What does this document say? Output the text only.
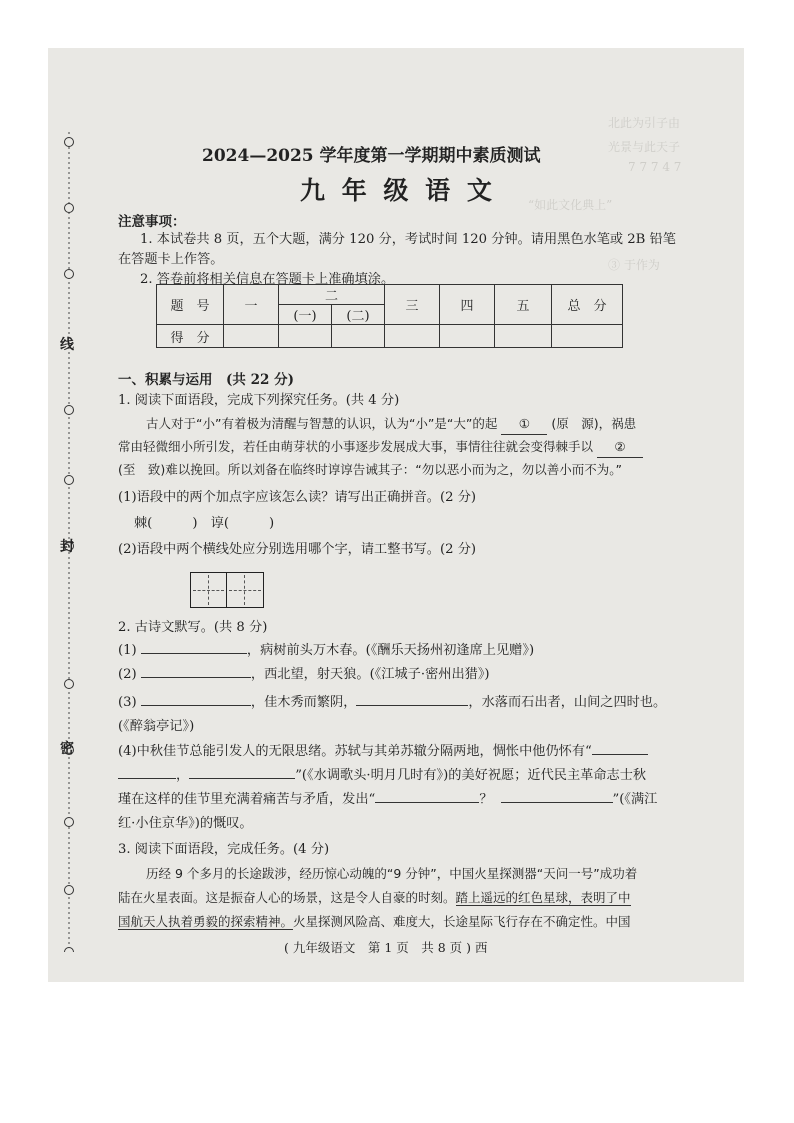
北此为引子由
光景与此天子
7 7 7 4 7
“如此文化典上”
③ 于作为
线
封
密
2024—2025 学年度第一学期期中素质测试
九 年 级 语 文
注意事项：
1. 本试卷共 8 页，五个大题，满分 120 分，考试时间 120 分钟。请用黑色水笔或 2B 铅笔
在答题卡上作答。
2. 答卷前将相关信息在答题卡上准确填涂。
题　号	一	二		三	四	五	总　分
		(一)	(二)				
得　分							
一、积累与运用　(共 22 分)
1. 阅读下面语段，完成下列探究任务。(共 4 分)
古人对于“小”有着极为清醒与智慧的认识，认为“小”是“大”的起 ① (原　源)，祸患
常由轻微细小所引发，若任由萌芽状的小事逐步发展成大事，事情往往就会变得棘手以 ②
(至　致)难以挽回。所以刘备在临终时谆谆告诫其子：“勿以恶小而为之，勿以善小而不为。”
(1)语段中的两个加点字应该怎么读？请写出正确拼音。(2 分)
棘(	)　谆(	)
(2)语段中两个横线处应分别选用哪个字，请工整书写。(2 分)
2. 古诗文默写。(共 8 分)
(1)	，病树前头万木春。(《酬乐天扬州初逢席上见赠》)
(2)	，西北望，射天狼。(《江城子·密州出猎》)
(3)	，佳木秀而繁阴，	，水落而石出者，山间之四时也。
(《醉翁亭记》)
(4)中秋佳节总能引发人的无限思绪。苏轼与其弟苏辙分隔两地，惆怅中他仍怀有“
，	”(《水调歌头·明月几时有》)的美好祝愿；近代民主革命志士秋
瑾在这样的佳节里充满着痛苦与矛盾，发出“	？	”(《满江
红·小住京华》)的慨叹。
3. 阅读下面语段，完成任务。(4 分)
历经 9 个多月的长途跋涉，经历惊心动魄的“9 分钟”，中国火星探测器“天问一号”成功着
陆在火星表面。这是振奋人心的场景，这是令人自豪的时刻。踏上遥远的红色星球，表明了中
国航天人执着勇毅的探索精神。火星探测风险高、难度大，长途星际飞行存在不确定性。中国
( 九年级语文　第 1 页　共 8 页 ) 西
